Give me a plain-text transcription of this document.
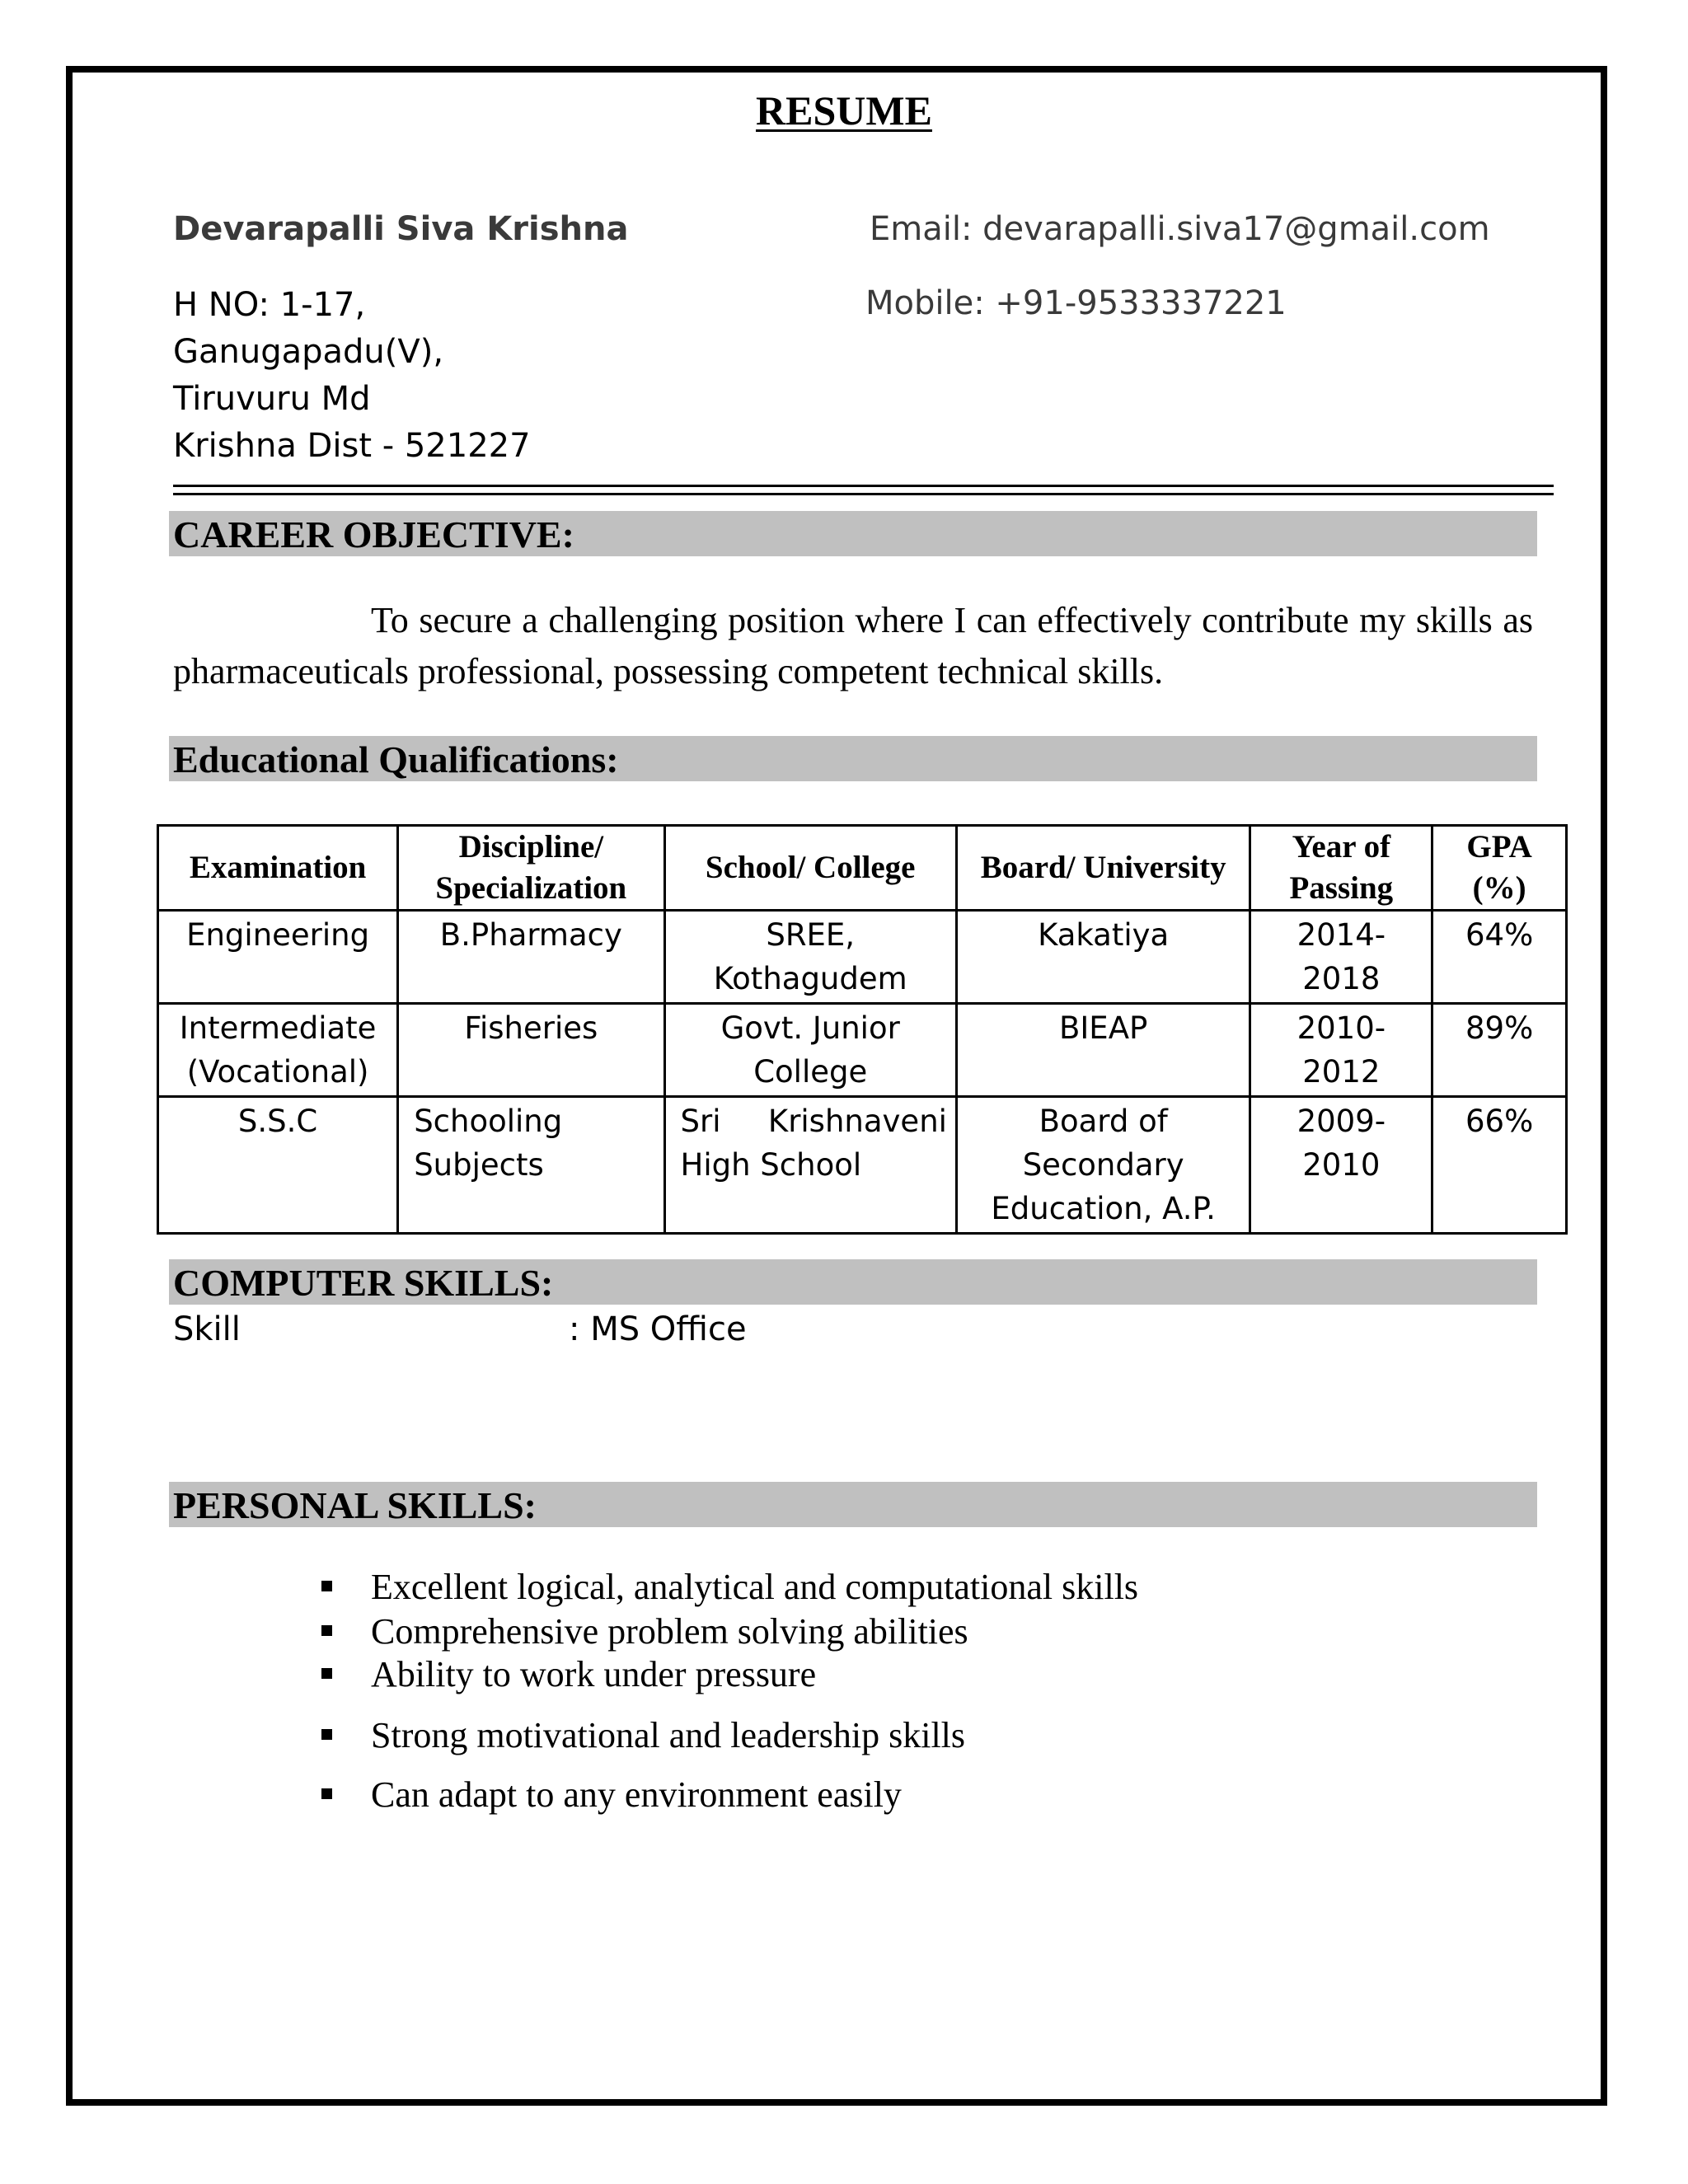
RESUME
Devarapalli Siva Krishna	Email: devarapalli.siva17@gmail.com
Mobile: +91-9533337221
H NO: 1-17,
Ganugapadu(V),
Tiruvuru Md
Krishna Dist - 521227
CAREER OBJECTIVE:
To secure a challenging position where I can effectively contribute my skills as pharmaceuticals professional, possessing competent technical skills.
Educational Qualifications:
Examination	Discipline/ Specialization	School/ College	Board/ University	Year of Passing	GPA (%)
Engineering	B.Pharmacy	SREE, Kothagudem	Kakatiya	2014-2018	64%
Intermediate (Vocational)	Fisheries	Govt. Junior College	BIEAP	2010-2012	89%
S.S.C	Schooling Subjects	Sri Krishnaveni High School	Board of Secondary Education, A.P.	2009-2010	66%
COMPUTER SKILLS:
Skill	: MS Office
PERSONAL SKILLS:
Excellent logical, analytical and computational skills
Comprehensive problem solving abilities
Ability to work under pressure
Strong motivational and leadership skills
Can adapt to any environment easily
